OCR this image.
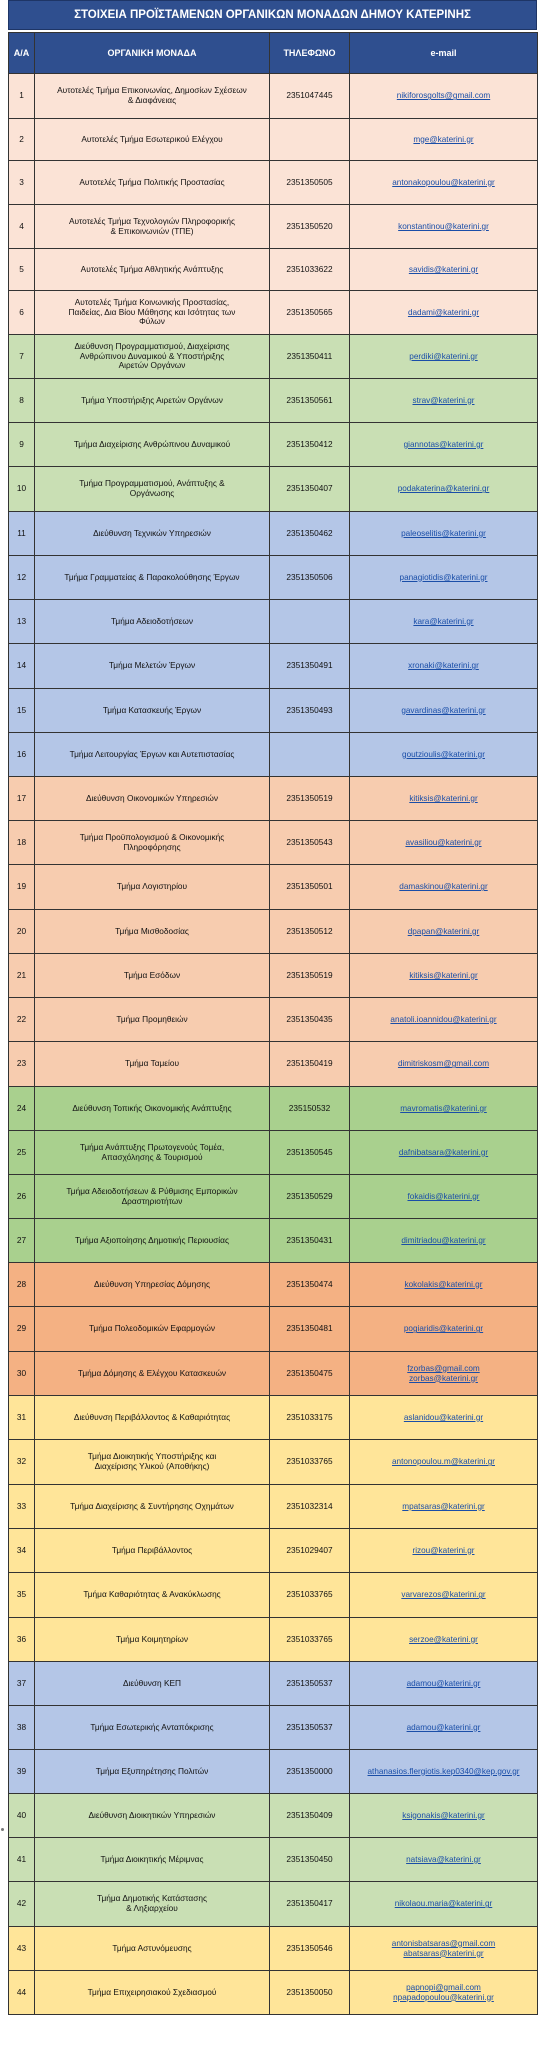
ΣΤΟΙΧΕΙΑ ΠΡΟΪΣΤΑΜΕΝΩΝ ΟΡΓΑΝΙΚΩΝ ΜΟΝΑΔΩΝ ΔΗΜΟΥ ΚΑΤΕΡΙΝΗΣ
Α/Α	ΟΡΓΑΝΙΚΗ ΜΟΝΑΔΑ	ΤΗΛΕΦΩΝΟ	e-mail
1	Αυτοτελές Τμήμα Επικοινωνίας, Δημοσίων Σχέσεων
& Διαφάνειας	2351047445	nikiforosgolts@gmail.com
2	Αυτοτελές Τμήμα Εσωτερικού Ελέγχου		mge@katerini.gr
3	Αυτοτελές Τμήμα Πολιτικής Προστασίας	2351350505	antonakopoulou@katerini.gr
4	Αυτοτελές Τμήμα Τεχνολογιών Πληροφορικής
& Επικοινωνιών (ΤΠΕ)	2351350520	konstantinou@katerini.gr
5	Αυτοτελές Τμήμα Αθλητικής Ανάπτυξης	2351033622	savidis@katerini.gr
6	Αυτοτελές Τμήμα Κοινωνικής Προστασίας,
Παιδείας, Δια Βίου Μάθησης και Ισότητας των
Φύλων	2351350565	dadami@katerini.gr
7	Διεύθυνση Προγραμματισμού, Διαχείρισης
Ανθρώπινου Δυναμικού & Υποστήριξης
Αιρετών Οργάνων	2351350411	perdiki@katerini.gr
8	Τμήμα Υποστήριξης Αιρετών Οργάνων	2351350561	strav@katerini.gr
9	Τμήμα Διαχείρισης Ανθρώπινου Δυναμικού	2351350412	giannotas@katerini.gr
10	Τμήμα Προγραμματισμού, Ανάπτυξης &
Οργάνωσης	2351350407	podakaterina@katerini.gr
11	Διεύθυνση Τεχνικών Υπηρεσιών	2351350462	paleoselitis@katerini.gr
12	Τμήμα Γραμματείας & Παρακολούθησης Έργων	2351350506	panagiotidis@katerini.gr
13	Τμήμα Αδειοδοτήσεων		kara@katerini.gr
14	Τμήμα Μελετών Έργων	2351350491	xronaki@katerini.gr
15	Τμήμα Κατασκευής Έργων	2351350493	gavardinas@katerini.gr
16	Τμήμα Λειτουργίας Έργων και Αυτεπιστασίας		goutzioulis@katerini.gr
17	Διεύθυνση Οικονομικών Υπηρεσιών	2351350519	kitiksis@katerini.gr
18	Τμήμα Προϋπολογισμού & Οικονομικής
Πληροφόρησης	2351350543	avasiliou@katerini.gr
19	Τμήμα Λογιστηρίου	2351350501	damaskinou@katerini.gr
20	Τμήμα Μισθοδοσίας	2351350512	dpapan@katerini.gr
21	Τμήμα Εσόδων	2351350519	kitiksis@katerini.gr
22	Τμήμα Προμηθειών	2351350435	anatoli.ioannidou@katerini.gr
23	Τμήμα Ταμείου	2351350419	dimitriskosm@gmail.com
24	Διεύθυνση Τοπικής Οικονομικής Ανάπτυξης	235150532	mavromatis@katerini.gr
25	Τμήμα Ανάπτυξης Πρωτογενούς Τομέα,
Απασχόλησης & Τουρισμού	2351350545	dafnibatsara@katerini.gr
26	Τμήμα Αδειοδοτήσεων & Ρύθμισης Εμπορικών
Δραστηριοτήτων	2351350529	fokaidis@katerini.gr
27	Τμήμα Αξιοποίησης Δημοτικής Περιουσίας	2351350431	dimitriadou@katerini.gr
28	Διεύθυνση Υπηρεσίας Δόμησης	2351350474	kokolakis@katerini.gr
29	Τμήμα Πολεοδομικών Εφαρμογών	2351350481	pogiaridis@katerini.gr
30	Τμήμα Δόμησης & Ελέγχου Κατασκευών	2351350475	fzorbas@gmail.com
zorbas@katerini.gr
31	Διεύθυνση Περιβάλλοντος & Καθαριότητας	2351033175	aslanidou@katerini.gr
32	Τμήμα Διοικητικής Υποστήριξης και
Διαχείρισης Υλικού (Αποθήκης)	2351033765	antonopoulou.m@katerini.gr
33	Τμήμα Διαχείρισης & Συντήρησης Οχημάτων	2351032314	mpatsaras@katerini.gr
34	Τμήμα Περιβάλλοντος	2351029407	rizou@katerini.gr
35	Τμήμα Καθαριότητας & Ανακύκλωσης	2351033765	varvarezos@katerini.gr
36	Τμήμα Κοιμητηρίων	2351033765	serzoe@katerini.gr
37	Διεύθυνση ΚΕΠ	2351350537	adamou@katerini.gr
38	Τμήμα Εσωτερικής Ανταπόκρισης	2351350537	adamou@katerini.gr
39	Τμήμα Εξυπηρέτησης Πολιτών	2351350000	athanasios.flergiotis.kep0340@kep.gov.gr
40	Διεύθυνση Διοικητικών Υπηρεσιών	2351350409	ksigonakis@katerini.gr
41	Τμήμα Διοικητικής Μέριμνας	2351350450	natsiava@katerini.gr
42	Τμήμα Δημοτικής Κατάστασης
& Ληξιαρχείου	2351350417	nikolaou.maria@katerini.gr
43	Τμήμα Αστυνόμευσης	2351350546	antonisbatsaras@gmail.com
abatsaras@katerini.gr
44	Τμήμα Επιχειρησιακού Σχεδιασμού	2351350050	papnopi@gmail.com
npapadopoulou@katerini.gr
